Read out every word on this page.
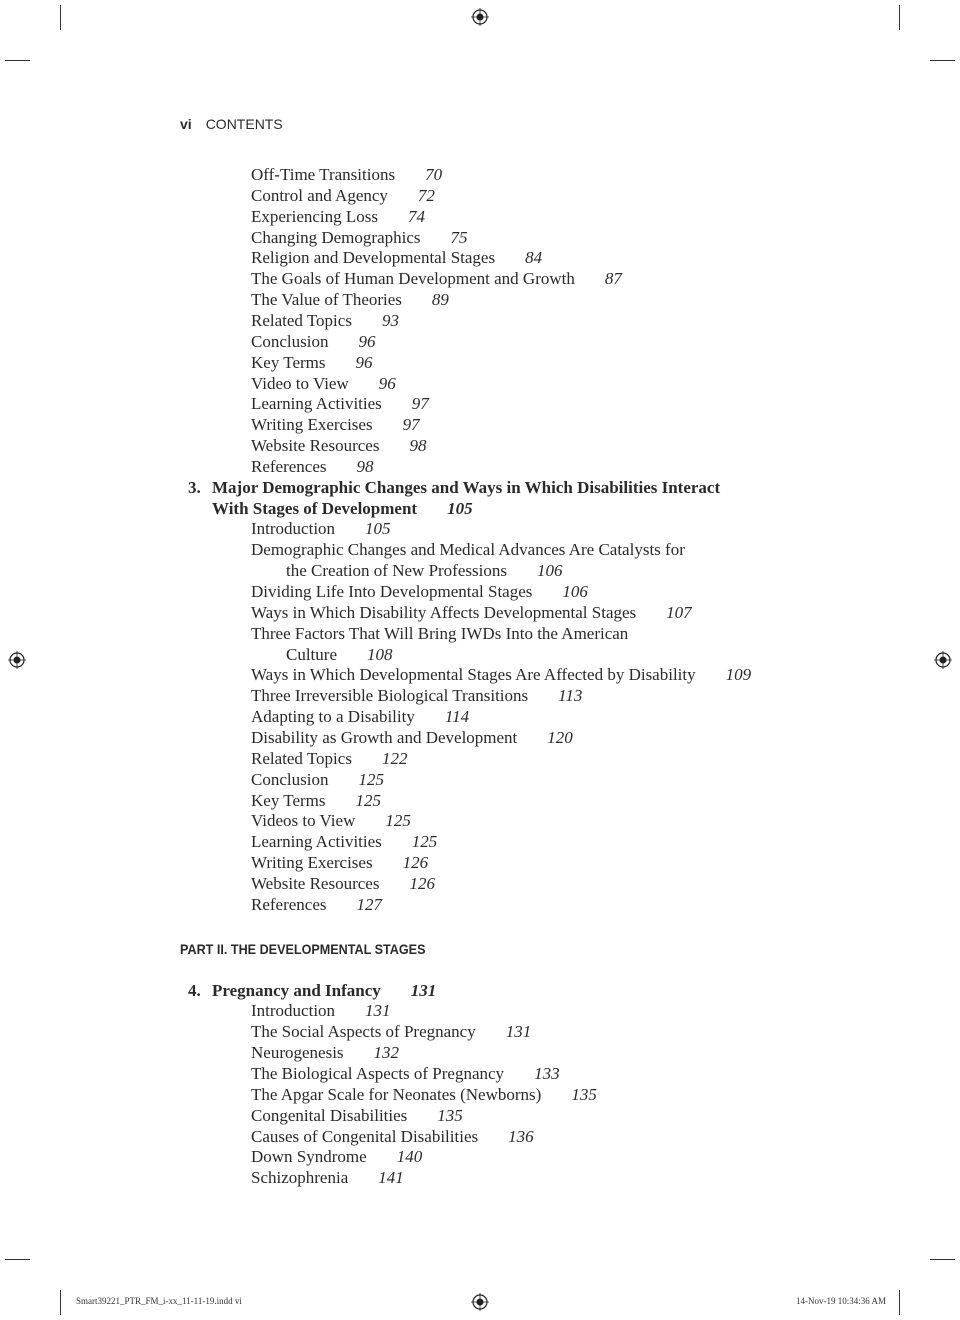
vi CONTENTS
Smart39221_PTR_FM_i-xx_11-11-19.indd vi	14-Nov-19 10:34:36 AM
Off-Time Transitions 70
Control and Agency 72
Experiencing Loss 74
Changing Demographics 75
Religion and Developmental Stages 84
The Goals of Human Development and Growth 87
The Value of Theories 89
Related Topics 93
Conclusion 96
Key Terms 96
Video to View 96
Learning Activities 97
Writing Exercises 97
Website Resources 98
References 98
3. Major Demographic Changes and Ways in Which Disabilities Interact
With Stages of Development 105
Introduction 105
Demographic Changes and Medical Advances Are Catalysts for
the Creation of New Professions 106
Dividing Life Into Developmental Stages 106
Ways in Which Disability Affects Developmental Stages 107
Three Factors That Will Bring IWDs Into the American
Culture 108
Ways in Which Developmental Stages Are Affected by Disability 109
Three Irreversible Biological Transitions 113
Adapting to a Disability 114
Disability as Growth and Development 120
Related Topics 122
Conclusion 125
Key Terms 125
Videos to View 125
Learning Activities 125
Writing Exercises 126
Website Resources 126
References 127
PART II. THE DEVELOPMENTAL STAGES
4. Pregnancy and Infancy 131
Introduction 131
The Social Aspects of Pregnancy 131
Neurogenesis 132
The Biological Aspects of Pregnancy 133
The Apgar Scale for Neonates (Newborns) 135
Congenital Disabilities 135
Causes of Congenital Disabilities 136
Down Syndrome 140
Schizophrenia 141
